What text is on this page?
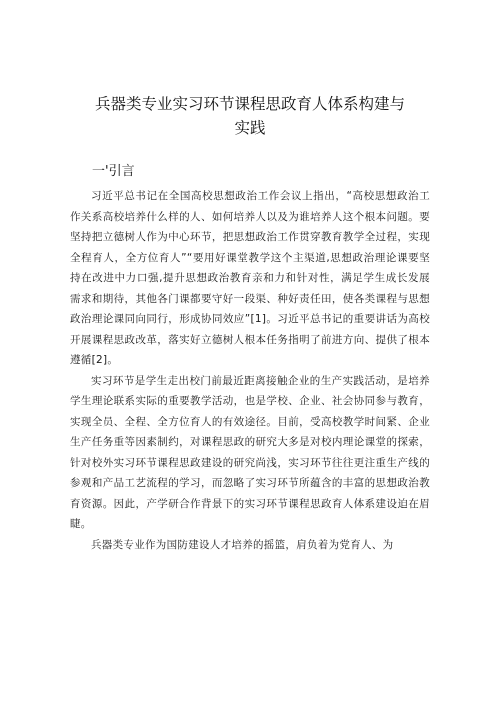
兵器类专业实习环节课程思政育人体系构建与
实践
一'引言

习近平总书记在全国高校思想政治工作会议上指出，“高校思想政治工作关系高校培养什么样的人、如何培养人以及为谁培养人这个根本问题。要坚持把立德树人作为中心环节，把思想政治工作贯穿教育教学全过程，实现全程育人，全方位育人”“要用好课堂教学这个主渠道,思想政治理论课要坚持在改进中力口强,提升思想政治教育亲和力和针对性，满足学生成长发展需求和期待，其他各门课都要守好一段渠、种好责任田，使各类课程与思想政治理论课同向同行，形成协同效应”[1]。习近平总书记的重要讲话为高校开展课程思政改革，落实好立德树人根本任务指明了前进方向、提供了根本遵循[2]。

实习环节是学生走出校门前最近距离接触企业的生产实践活动，是培养学生理论联系实际的重要教学活动，也是学校、企业、社会协同参与教育，实现全员、全程、全方位育人的有效途径。目前，受高校教学时间紧、企业生产任务重等因素制约，对课程思政的研究大多是对校内理论课堂的探索，针对校外实习环节课程思政建设的研究尚浅，实习环节往往更注重生产线的参观和产品工艺流程的学习，而忽略了实习环节所蕴含的丰富的思想政治教育资源。因此，产学研合作背景下的实习环节课程思政育人体系建设迫在眉睫。

兵器类专业作为国防建设人才培养的摇篮，肩负着为党育人、为
